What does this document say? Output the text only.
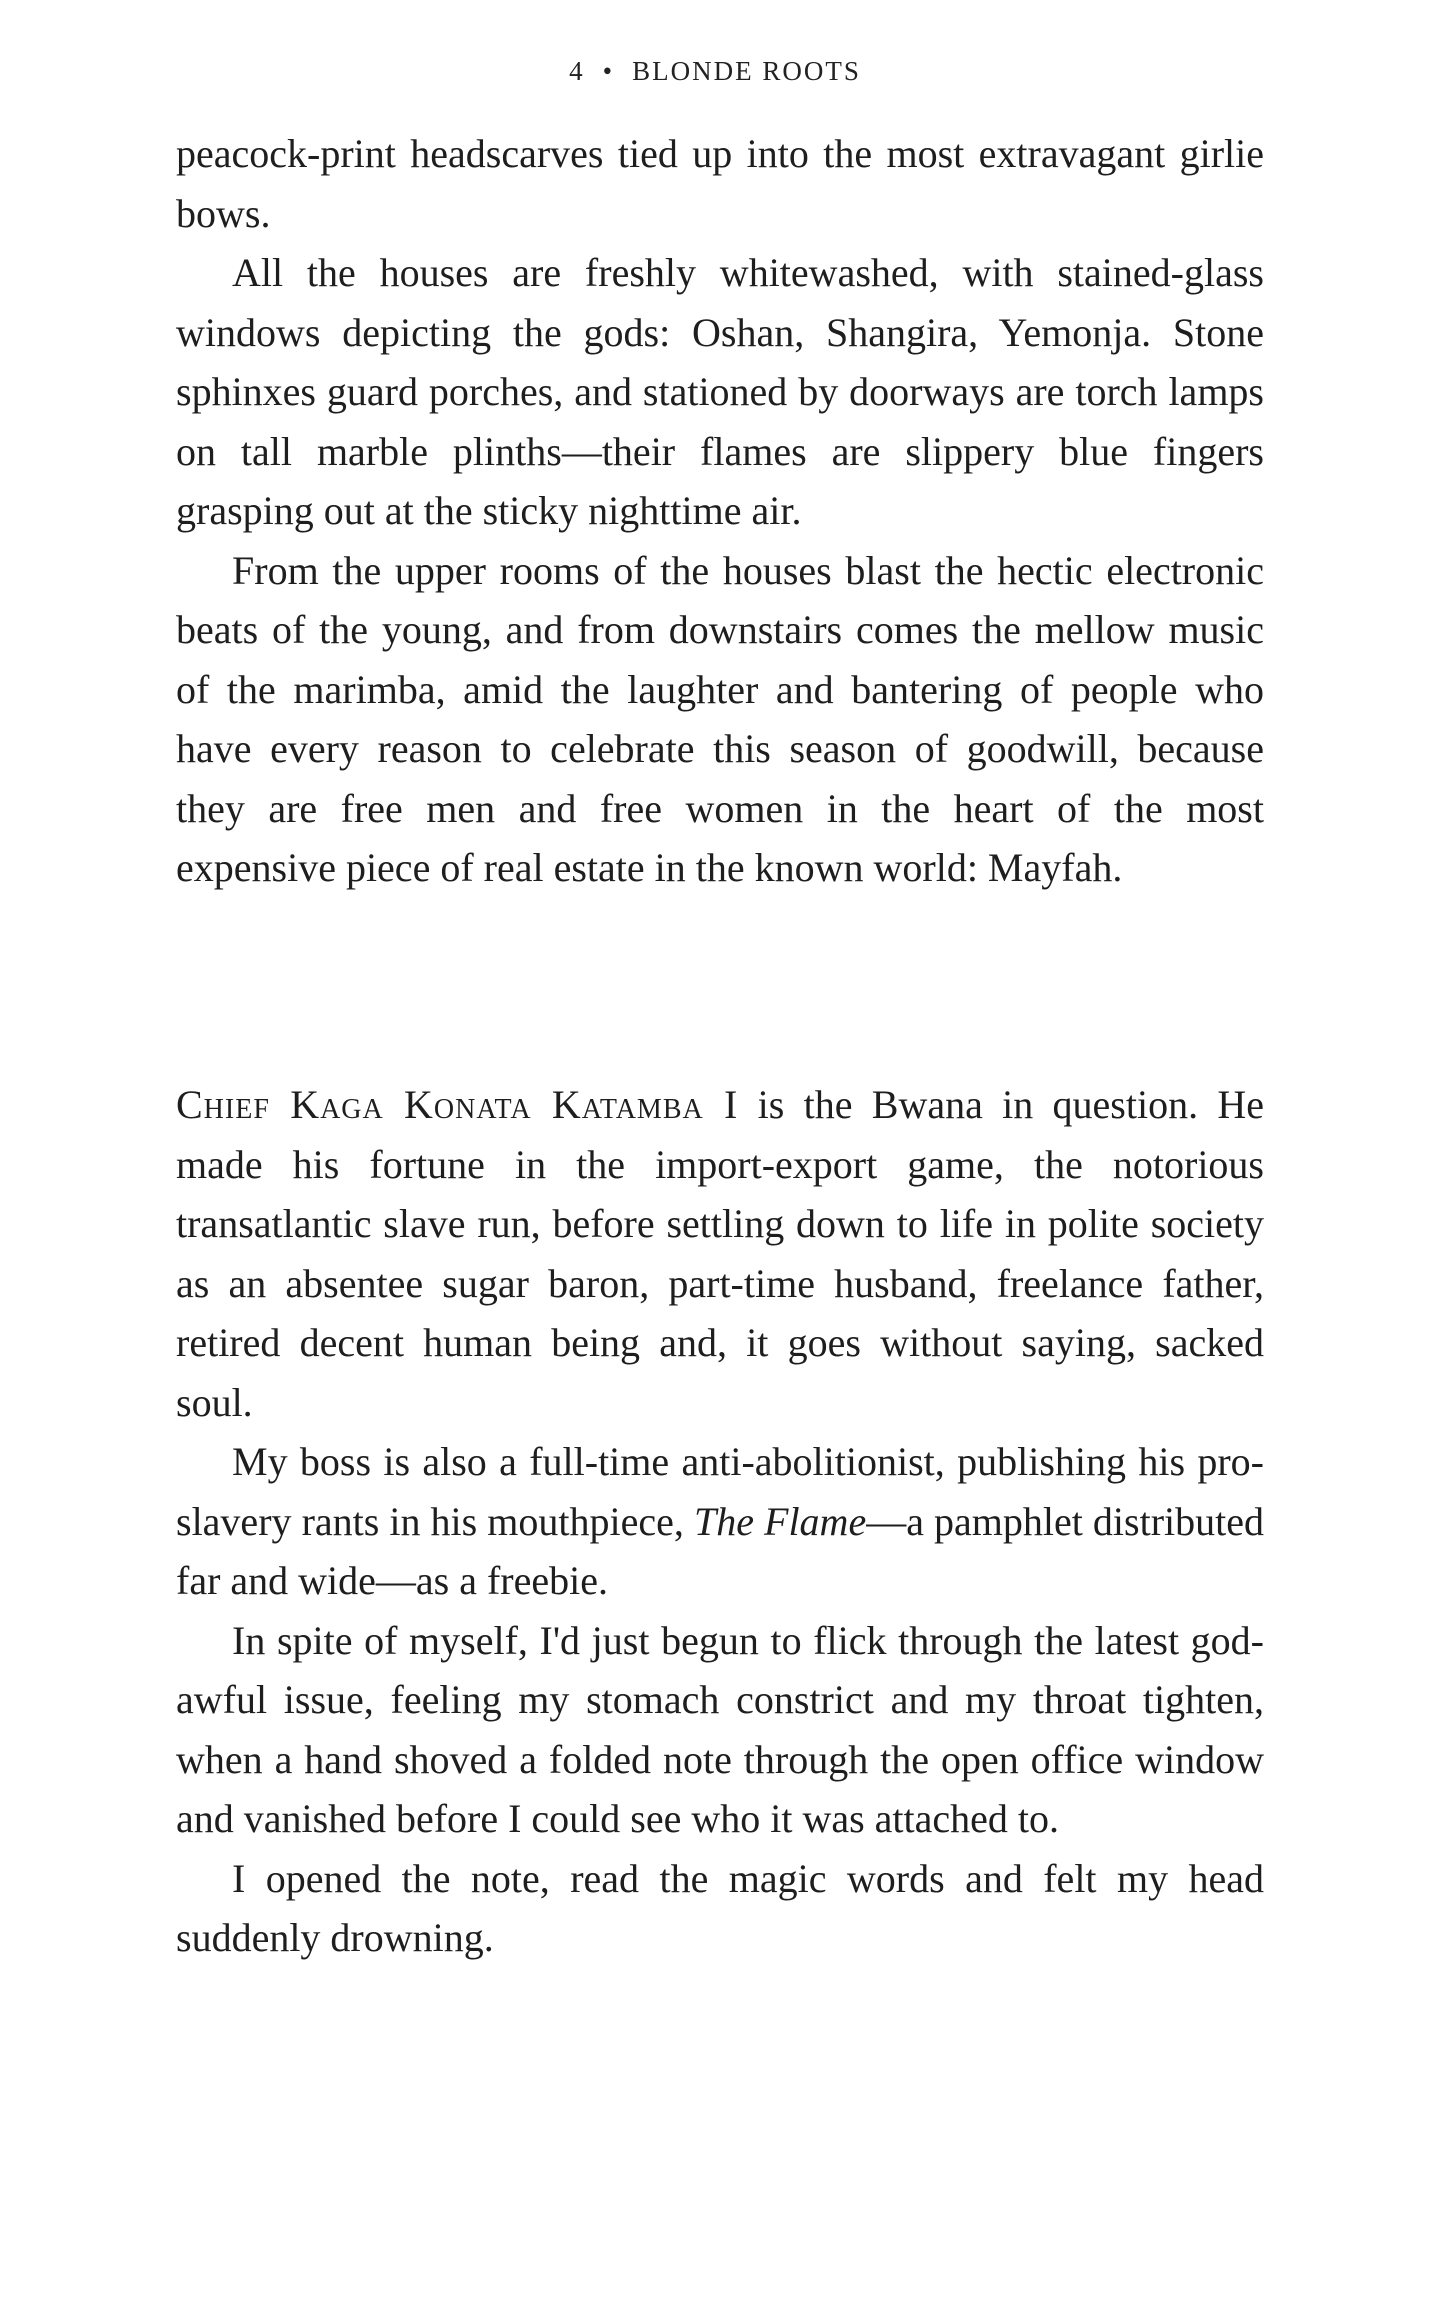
4 • BLONDE ROOTS

peacock-print headscarves tied up into the most extravagant girlie bows.

All the houses are freshly whitewashed, with stained-glass windows depicting the gods: Oshan, Shangira, Yemonja. Stone sphinxes guard porches, and stationed by doorways are torch lamps on tall marble plinths—their flames are slippery blue fingers grasping out at the sticky nighttime air.

From the upper rooms of the houses blast the hectic electronic beats of the young, and from downstairs comes the mellow music of the marimba, amid the laughter and bantering of people who have every reason to celebrate this season of goodwill, because they are free men and free women in the heart of the most expensive piece of real estate in the known world: Mayfah.

Chief Kaga Konata Katamba I is the Bwana in question. He made his fortune in the import-export game, the notorious transatlantic slave run, before settling down to life in polite society as an absentee sugar baron, part-time husband, freelance father, retired decent human being and, it goes without saying, sacked soul.

My boss is also a full-time anti-abolitionist, publishing his pro-slavery rants in his mouthpiece, The Flame—a pamphlet distributed far and wide—as a freebie.

In spite of myself, I'd just begun to flick through the latest god-awful issue, feeling my stomach constrict and my throat tighten, when a hand shoved a folded note through the open office window and vanished before I could see who it was attached to.

I opened the note, read the magic words and felt my head suddenly drowning.
